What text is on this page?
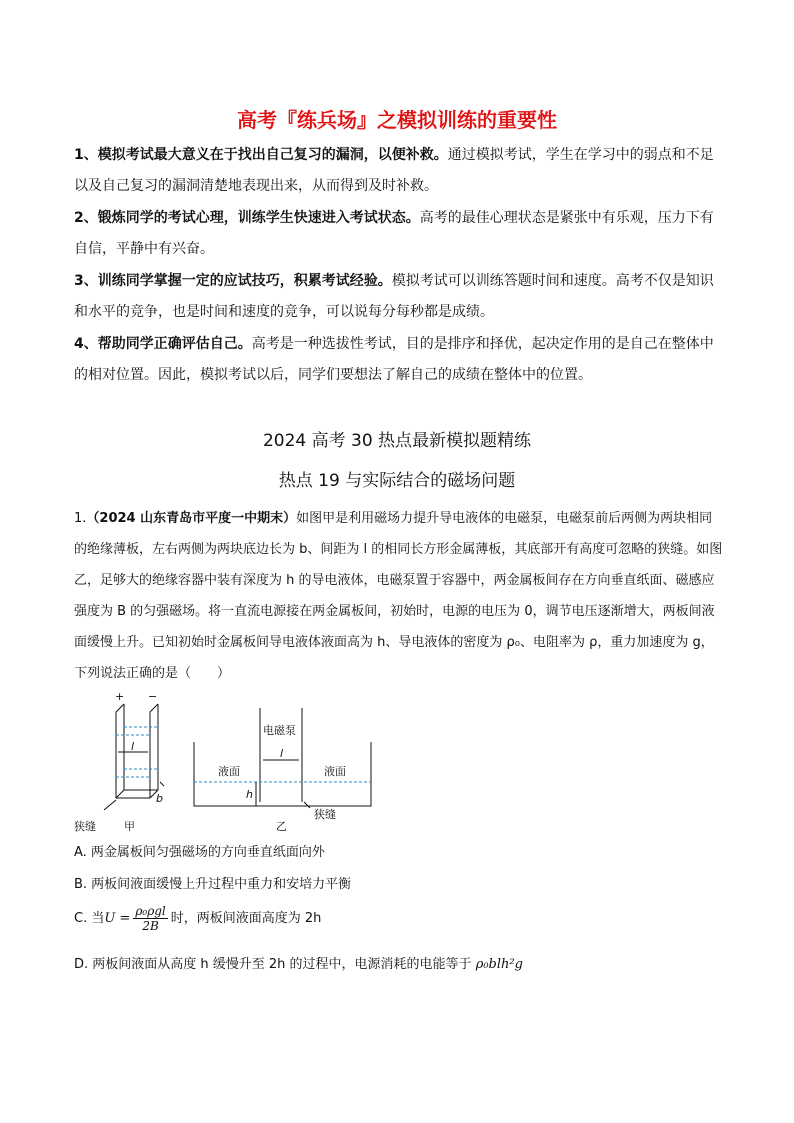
高考『练兵场』之模拟训练的重要性
1、模拟考试最大意义在于找出自己复习的漏洞，以便补救。通过模拟考试，学生在学习中的弱点和不足以及自己复习的漏洞清楚地表现出来，从而得到及时补救。
2、锻炼同学的考试心理，训练学生快速进入考试状态。高考的最佳心理状态是紧张中有乐观，压力下有自信，平静中有兴奋。
3、训练同学掌握一定的应试技巧，积累考试经验。模拟考试可以训练答题时间和速度。高考不仅是知识和水平的竞争，也是时间和速度的竞争，可以说每分每秒都是成绩。
4、帮助同学正确评估自己。高考是一种选拔性考试，目的是排序和择优，起决定作用的是自己在整体中的相对位置。因此，模拟考试以后，同学们要想法了解自己的成绩在整体中的位置。
2024 高考 30 热点最新模拟题精练
热点 19 与实际结合的磁场问题
1.（2024 山东青岛市平度一中期末）如图甲是利用磁场力提升导电液体的电磁泵，电磁泵前后两侧为两块相同的绝缘薄板，左右两侧为两块底边长为 b、间距为 l 的相同长方形金属薄板，其底部开有高度可忽略的狭缝。如图乙，足够大的绝缘容器中装有深度为 h 的导电液体，电磁泵置于容器中，两金属板间存在方向垂直纸面、磁感应强度为 B 的匀强磁场。将一直流电源接在两金属板间，初始时，电源的电压为 0，调节电压逐渐增大，两板间液面缓慢上升。已知初始时金属板间导电液体液面高为 h、导电液体的密度为 ρ₀、电阻率为 ρ，重力加速度为 g，下列说法正确的是（　　）
+ −
l
b
狭缝	甲
电磁泵
l
液面	液面
h
狭缝
乙
A. 两金属板间匀强磁场的方向垂直纸面向外
B. 两板间液面缓慢上升过程中重力和安培力平衡
C. 当$U = \frac{\text{ρ₀ρgl}}{2B}$ 时，两板间液面高度为 2h
D. 两板间液面从高度 h 缓慢升至 2h 的过程中，电源消耗的电能等于 ρ₀blh²g
